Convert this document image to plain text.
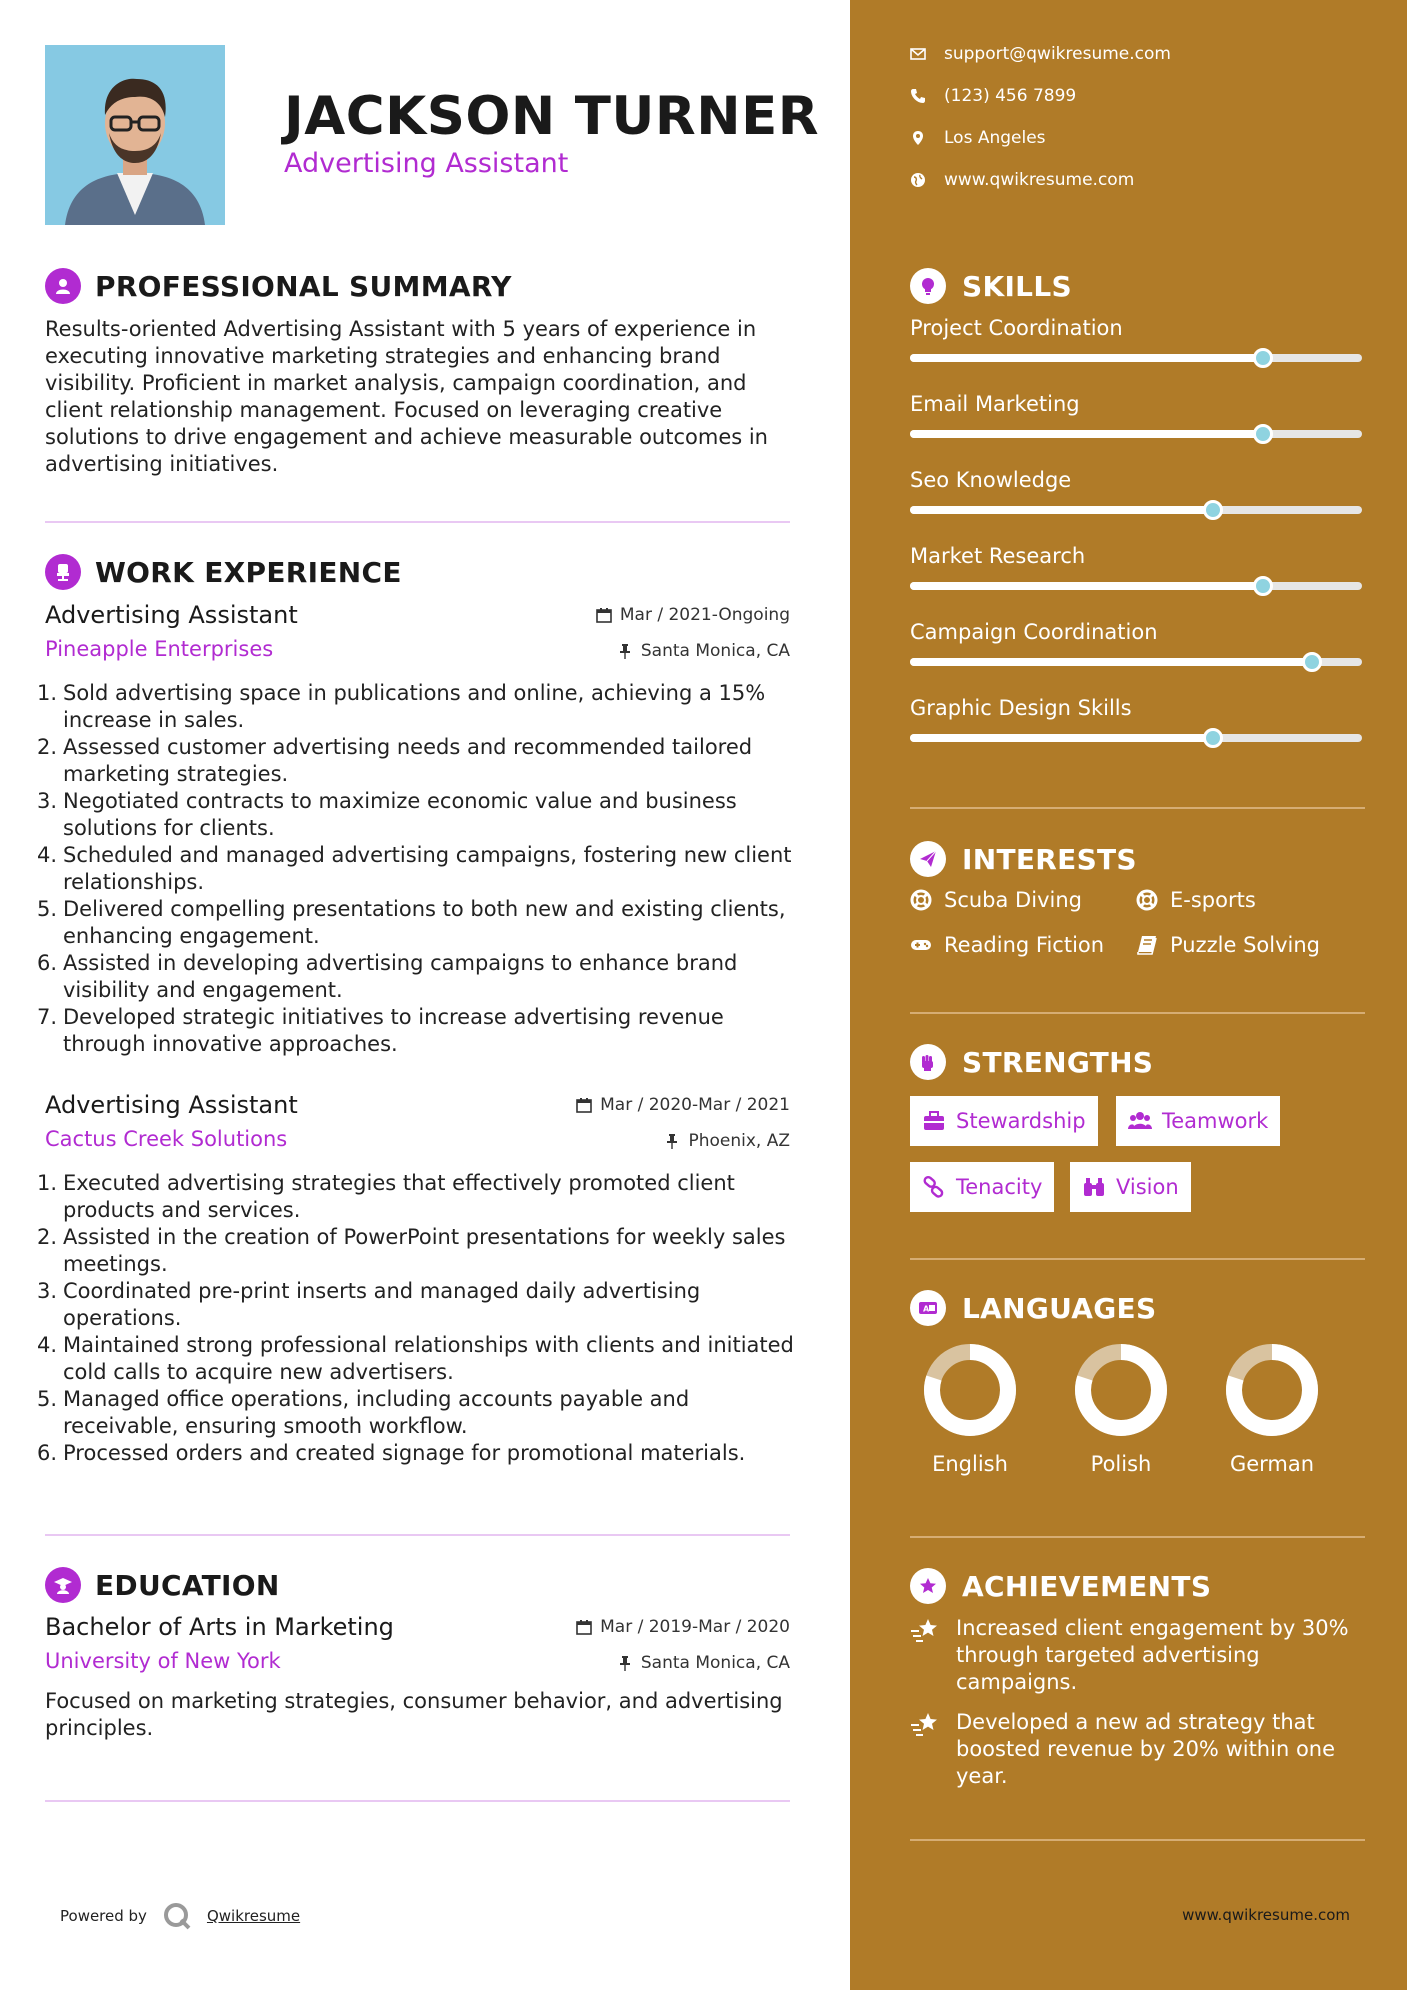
JACKSON TURNER
Advertising Assistant
PROFESSIONAL SUMMARY
Results-oriented Advertising Assistant with 5 years of experience in executing innovative marketing strategies and enhancing brand visibility. Proficient in market analysis, campaign coordination, and client relationship management. Focused on leveraging creative solutions to drive engagement and achieve measurable outcomes in advertising initiatives.
WORK EXPERIENCE
Advertising Assistant	Mar / 2021-Ongoing
Pineapple Enterprises	Santa Monica, CA
1. Sold advertising space in publications and online, achieving a 15% increase in sales.
2. Assessed customer advertising needs and recommended tailored marketing strategies.
3. Negotiated contracts to maximize economic value and business solutions for clients.
4. Scheduled and managed advertising campaigns, fostering new client relationships.
5. Delivered compelling presentations to both new and existing clients, enhancing engagement.
6. Assisted in developing advertising campaigns to enhance brand visibility and engagement.
7. Developed strategic initiatives to increase advertising revenue through innovative approaches.
Advertising Assistant	Mar / 2020-Mar / 2021
Cactus Creek Solutions	Phoenix, AZ
1. Executed advertising strategies that effectively promoted client products and services.
2. Assisted in the creation of PowerPoint presentations for weekly sales meetings.
3. Coordinated pre-print inserts and managed daily advertising operations.
4. Maintained strong professional relationships with clients and initiated cold calls to acquire new advertisers.
5. Managed office operations, including accounts payable and receivable, ensuring smooth workflow.
6. Processed orders and created signage for promotional materials.
EDUCATION
Bachelor of Arts in Marketing	Mar / 2019-Mar / 2020
University of New York	Santa Monica, CA
Focused on marketing strategies, consumer behavior, and advertising principles.
Powered by	Qwikresume
support@qwikresume.com
(123) 456 7899
Los Angeles
www.qwikresume.com
SKILLS
Project Coordination
Email Marketing
Seo Knowledge
Market Research
Campaign Coordination
Graphic Design Skills
INTERESTS
Scuba Diving	E-sports
Reading Fiction	Puzzle Solving
STRENGTHS
Stewardship	Teamwork
Tenacity	Vision
A LANGUAGES
English	Polish	German
ACHIEVEMENTS
Increased client engagement by 30% through targeted advertising campaigns.
Developed a new ad strategy that boosted revenue by 20% within one year.
www.qwikresume.com
